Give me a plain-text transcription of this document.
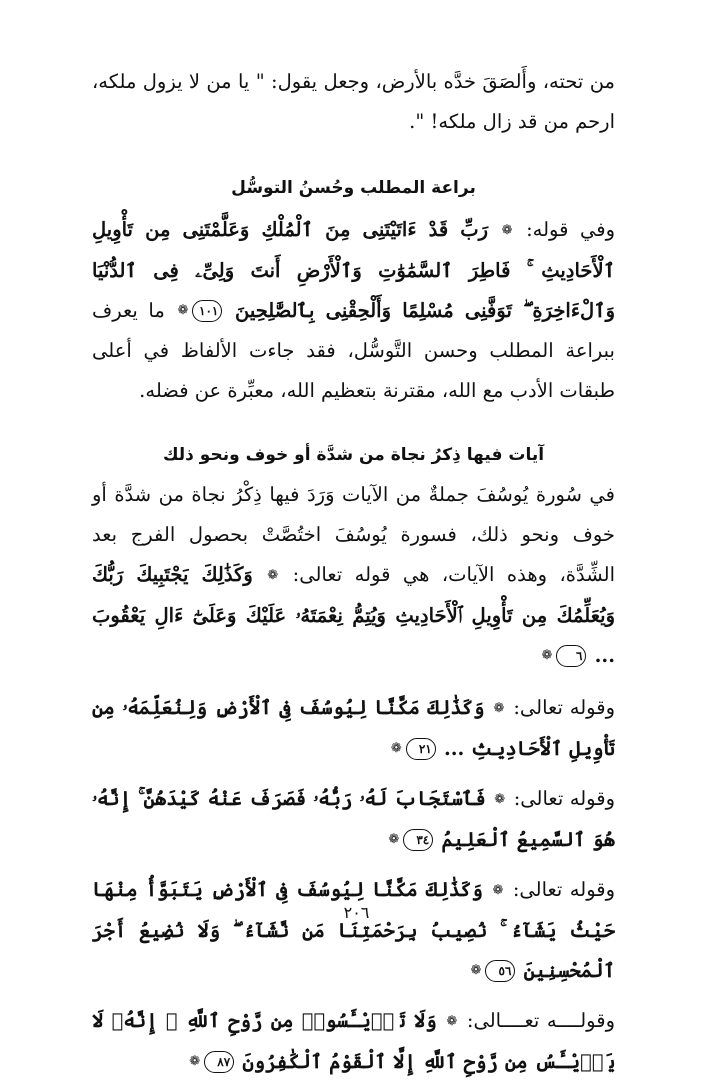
من تحته، وأَلصَقَ خدَّه بالأرض، وجعل يقول: " يا من لا يزول ملكه، ارحم من قد زال ملكه! ".

براعة المطلب وحُسنُ التوسُّل

وفي قوله: ❁ رَبِّ قَدْ ءَاتَيْتَنِى مِنَ ٱلْمُلْكِ وَعَلَّمْتَنِى مِن تَأْوِيلِ ٱلْأَحَادِيثِ ۚ فَاطِرَ ٱلسَّمَٰوَٰتِ وَٱلْأَرْضِ أَنتَ وَلِىِّۦ فِى ٱلدُّنْيَا وَٱلْءَاخِرَةِ ۖ تَوَفَّنِى مُسْلِمًا وَأَلْحِقْنِى بِٱلصَّٰلِحِينَ ١٠١❁ ما يعرف ببراعة المطلب وحسن التَّوسُّل، فقد جاءت الألفاظ في أعلى طبقات الأدب مع الله، مقترنة بتعظيم الله، معبِّرة عن فضله.

آيات فيها ذِكرُ نجاة من شدَّة أو خوف ونحو ذلك

في سُورة يُوسُفَ جملةٌ من الآيات وَرَدَ فيها ذِكْرُ نجاة من شدَّة أو خوف ونحو ذلك، فسورة يُوسُفَ اختُصَّتْ بحصول الفرج بعد الشِّدَّة، وهذه الآيات، هي قوله تعالى: ❁ وَكَذَٰلِكَ يَجْتَبِيكَ رَبُّكَ وَيُعَلِّمُكَ مِن تَأْوِيلِ ٱلْأَحَادِيثِ وَيُتِمُّ نِعْمَتَهُۥ عَلَيْكَ وَعَلَىٰٓ ءَالِ يَعْقُوبَ ... ٦❁

وقوله تعالى: ❁ وَكَذَٰلِكَ مَكَّنَّا لِيُوسُفَ فِى ٱلْأَرْضِ وَلِنُعَلِّمَهُۥ مِن تَأْوِيلِ ٱلْأَحَادِيثِ ... ٢١❁

وقوله تعالى: ❁ فَٱسْتَجَابَ لَهُۥ رَبُّهُۥ فَصَرَفَ عَنْهُ كَيْدَهُنَّ ۚ إِنَّهُۥ هُوَ ٱلسَّمِيعُ ٱلْعَلِيمُ ٣٤❁

وقوله تعالى: ❁ وَكَذَٰلِكَ مَكَّنَّا لِيُوسُفَ فِى ٱلْأَرْضِ يَتَبَوَّأُ مِنْهَا حَيْثُ يَشَآءُ ۚ نُصِيبُ بِرَحْمَتِنَا مَن نَّشَآءُ ۖ وَلَا نُضِيعُ أَجْرَ ٱلْمُحْسِنِينَ ٥٦❁

وقولــــه تعــــالى: ❁ وَلَا تَا۟يْـَٔسُوا۟ مِن رَّوْحِ ٱللَّهِ ۖ إِنَّهُۥ لَا يَا۟يْـَٔسُ مِن رَّوْحِ ٱللَّهِ إِلَّا ٱلْقَوْمُ ٱلْكَٰفِرُونَ ٨٧❁

٢٠٦
